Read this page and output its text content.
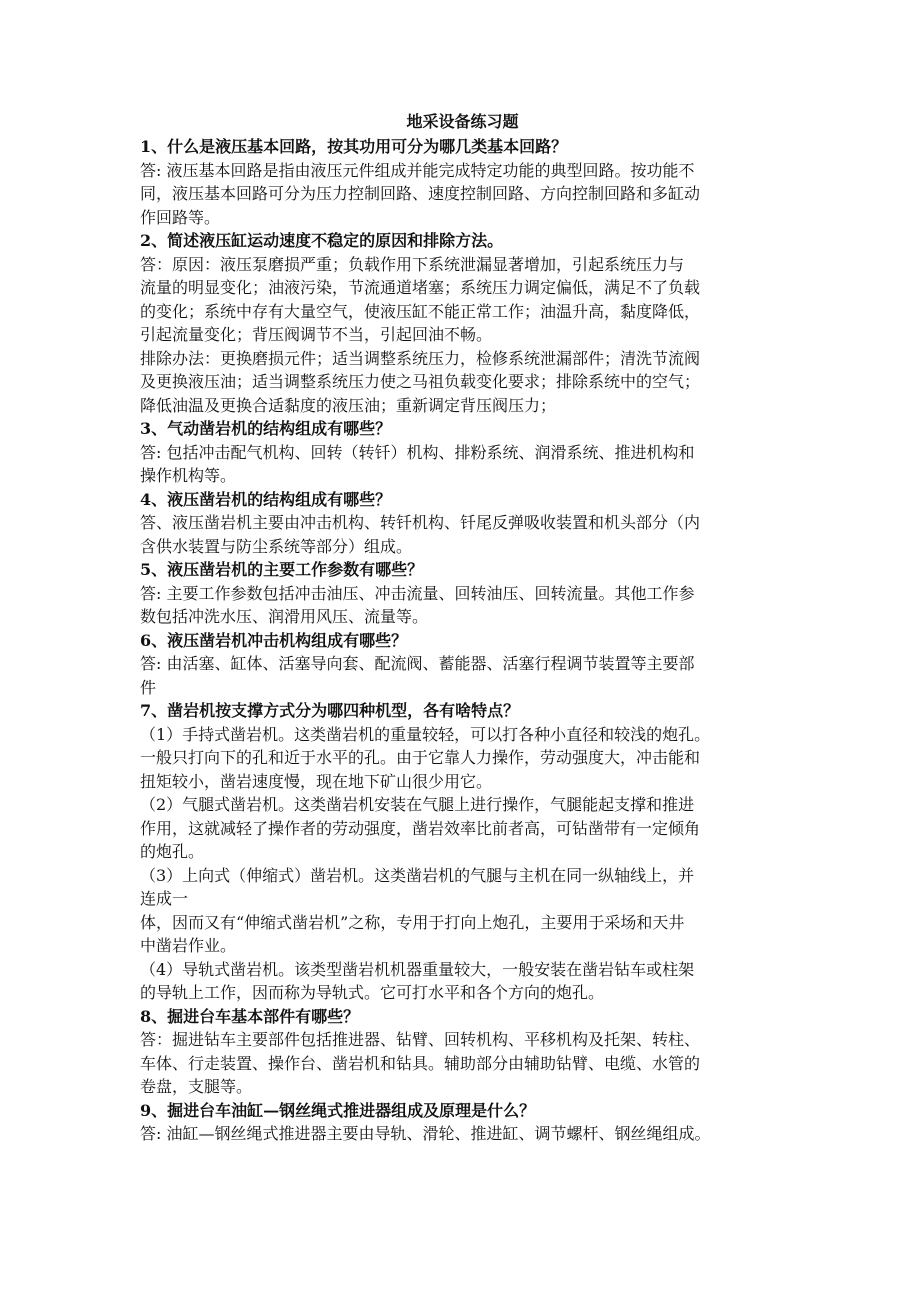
地采设备练习题
1、什么是液压基本回路，按其功用可分为哪几类基本回路？
答: 液压基本回路是指由液压元件组成并能完成特定功能的典型回路。按功能不
同，液压基本回路可分为压力控制回路、速度控制回路、方向控制回路和多缸动
作回路等。
2、简述液压缸运动速度不稳定的原因和排除方法。
答：原因：液压泵磨损严重；负载作用下系统泄漏显著增加，引起系统压力与
流量的明显变化；油液污染，节流通道堵塞；系统压力调定偏低，满足不了负载
的变化；系统中存有大量空气，使液压缸不能正常工作；油温升高，黏度降低，
引起流量变化；背压阀调节不当，引起回油不畅。
排除办法：更换磨损元件；适当调整系统压力，检修系统泄漏部件；清洗节流阀
及更换液压油；适当调整系统压力使之马祖负载变化要求；排除系统中的空气；
降低油温及更换合适黏度的液压油；重新调定背压阀压力；
3、气动凿岩机的结构组成有哪些？
答: 包括冲击配气机构、回转（转钎）机构、排粉系统、润滑系统、推进机构和
操作机构等。
4、液压凿岩机的结构组成有哪些？
答、液压凿岩机主要由冲击机构、转钎机构、钎尾反弹吸收装置和机头部分（内
含供水装置与防尘系统等部分）组成。
5、液压凿岩机的主要工作参数有哪些？
答: 主要工作参数包括冲击油压、冲击流量、回转油压、回转流量。其他工作参
数包括冲洗水压、润滑用风压、流量等。
6、液压凿岩机冲击机构组成有哪些？
答: 由活塞、缸体、活塞导向套、配流阀、蓄能器、活塞行程调节装置等主要部
件
7、凿岩机按支撑方式分为哪四种机型，各有啥特点？
（1）手持式凿岩机。这类凿岩机的重量较轻，可以打各种小直径和较浅的炮孔。
一般只打向下的孔和近于水平的孔。由于它靠人力操作，劳动强度大，冲击能和
扭矩较小，凿岩速度慢，现在地下矿山很少用它。
（2）气腿式凿岩机。这类凿岩机安装在气腿上进行操作，气腿能起支撑和推进
作用，这就减轻了操作者的劳动强度，凿岩效率比前者高，可钻凿带有一定倾角
的炮孔。
（3）上向式（伸缩式）凿岩机。这类凿岩机的气腿与主机在同一纵轴线上，并
连成一
体，因而又有“伸缩式凿岩机”之称，专用于打向上炮孔，主要用于采场和天井
中凿岩作业。
（4）导轨式凿岩机。该类型凿岩机机器重量较大，一般安装在凿岩钻车或柱架
的导轨上工作，因而称为导轨式。它可打水平和各个方向的炮孔。
8、掘进台车基本部件有哪些？
答：掘进钻车主要部件包括推进器、钻臂、回转机构、平移机构及托架、转柱、
车体、行走装置、操作台、凿岩机和钻具。辅助部分由辅助钻臂、电缆、水管的
卷盘，支腿等。
9、掘进台车油缸—钢丝绳式推进器组成及原理是什么？
答: 油缸—钢丝绳式推进器主要由导轨、滑轮、推进缸、调节螺杆、钢丝绳组成。
